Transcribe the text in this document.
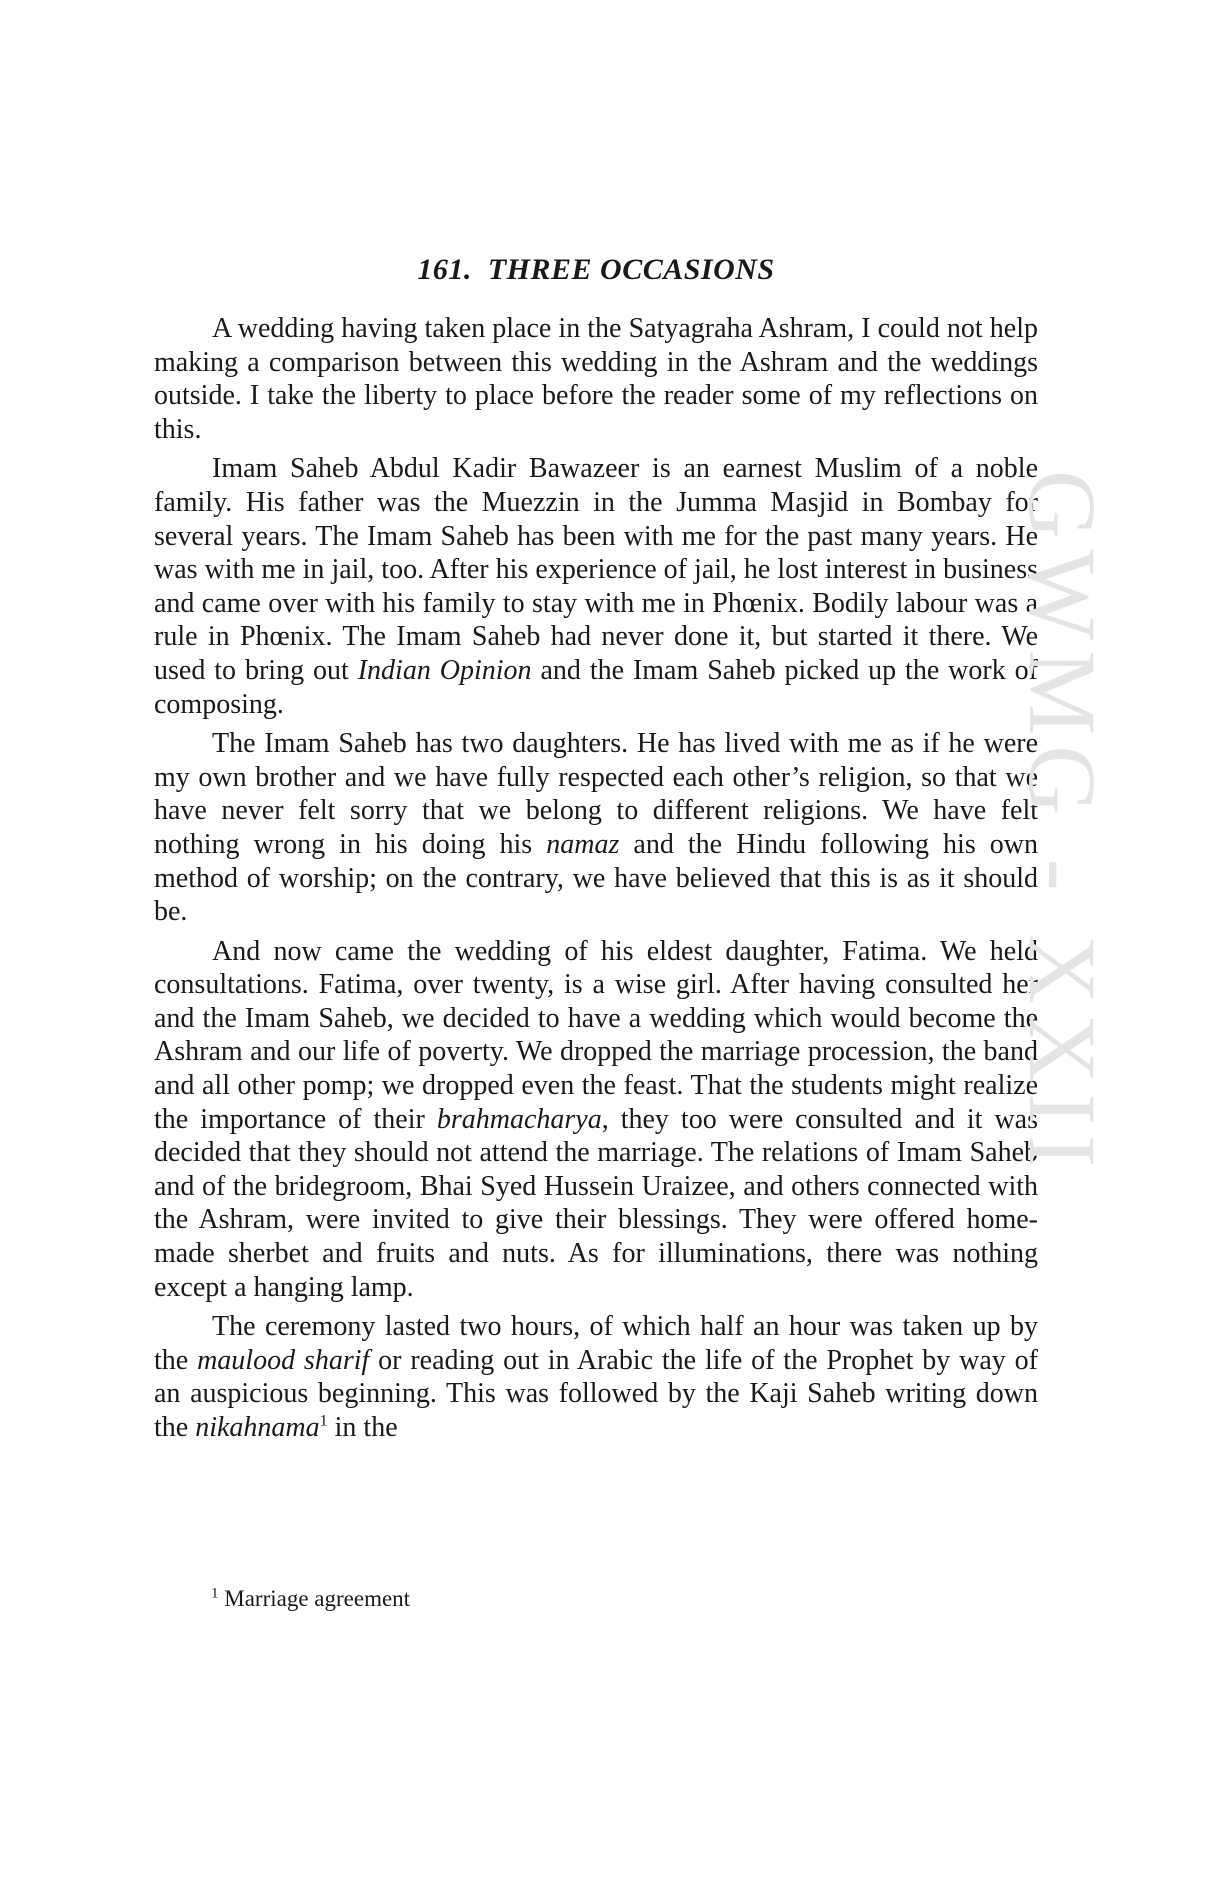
161. THREE OCCASIONS

A wedding having taken place in the Satyagraha Ashram, I could not help making a comparison between this wedding in the Ashram and the weddings outside. I take the liberty to place before the reader some of my reflections on this.

Imam Saheb Abdul Kadir Bawazeer is an earnest Muslim of a noble family. His father was the Muezzin in the Jumma Masjid in Bombay for several years. The Imam Saheb has been with me for the past many years. He was with me in jail, too. After his experience of jail, he lost interest in business and came over with his family to stay with me in Phœnix. Bodily labour was a rule in Phœnix. The Imam Saheb had never done it, but started it there. We used to bring out Indian Opinion and the Imam Saheb picked up the work of composing.

The Imam Saheb has two daughters. He has lived with me as if he were my own brother and we have fully respected each other’s religion, so that we have never felt sorry that we belong to different religions. We have felt nothing wrong in his doing his namaz and the Hindu following his own method of worship; on the contrary, we have believed that this is as it should be.

And now came the wedding of his eldest daughter, Fatima. We held consultations. Fatima, over twenty, is a wise girl. After having consulted her and the Imam Saheb, we decided to have a wedding which would become the Ashram and our life of poverty. We dropped the marriage procession, the band and all other pomp; we dropped even the feast. That the students might realize the importance of their brahmacharya, they too were consulted and it was decided that they should not attend the marriage. The relations of Imam Saheb and of the bridegroom, Bhai Syed Hussein Uraizee, and others connected with the Ashram, were invited to give their blessings. They were offered home-made sherbet and fruits and nuts. As for illuminations, there was nothing except a hanging lamp.

The ceremony lasted two hours, of which half an hour was taken up by the maulood sharif or reading out in Arabic the life of the Prophet by way of an auspicious beginning. This was followed by the Kaji Saheb writing down the nikahnama$^1$ in the

$^1$ Marriage agreement
GWMG - XXII
